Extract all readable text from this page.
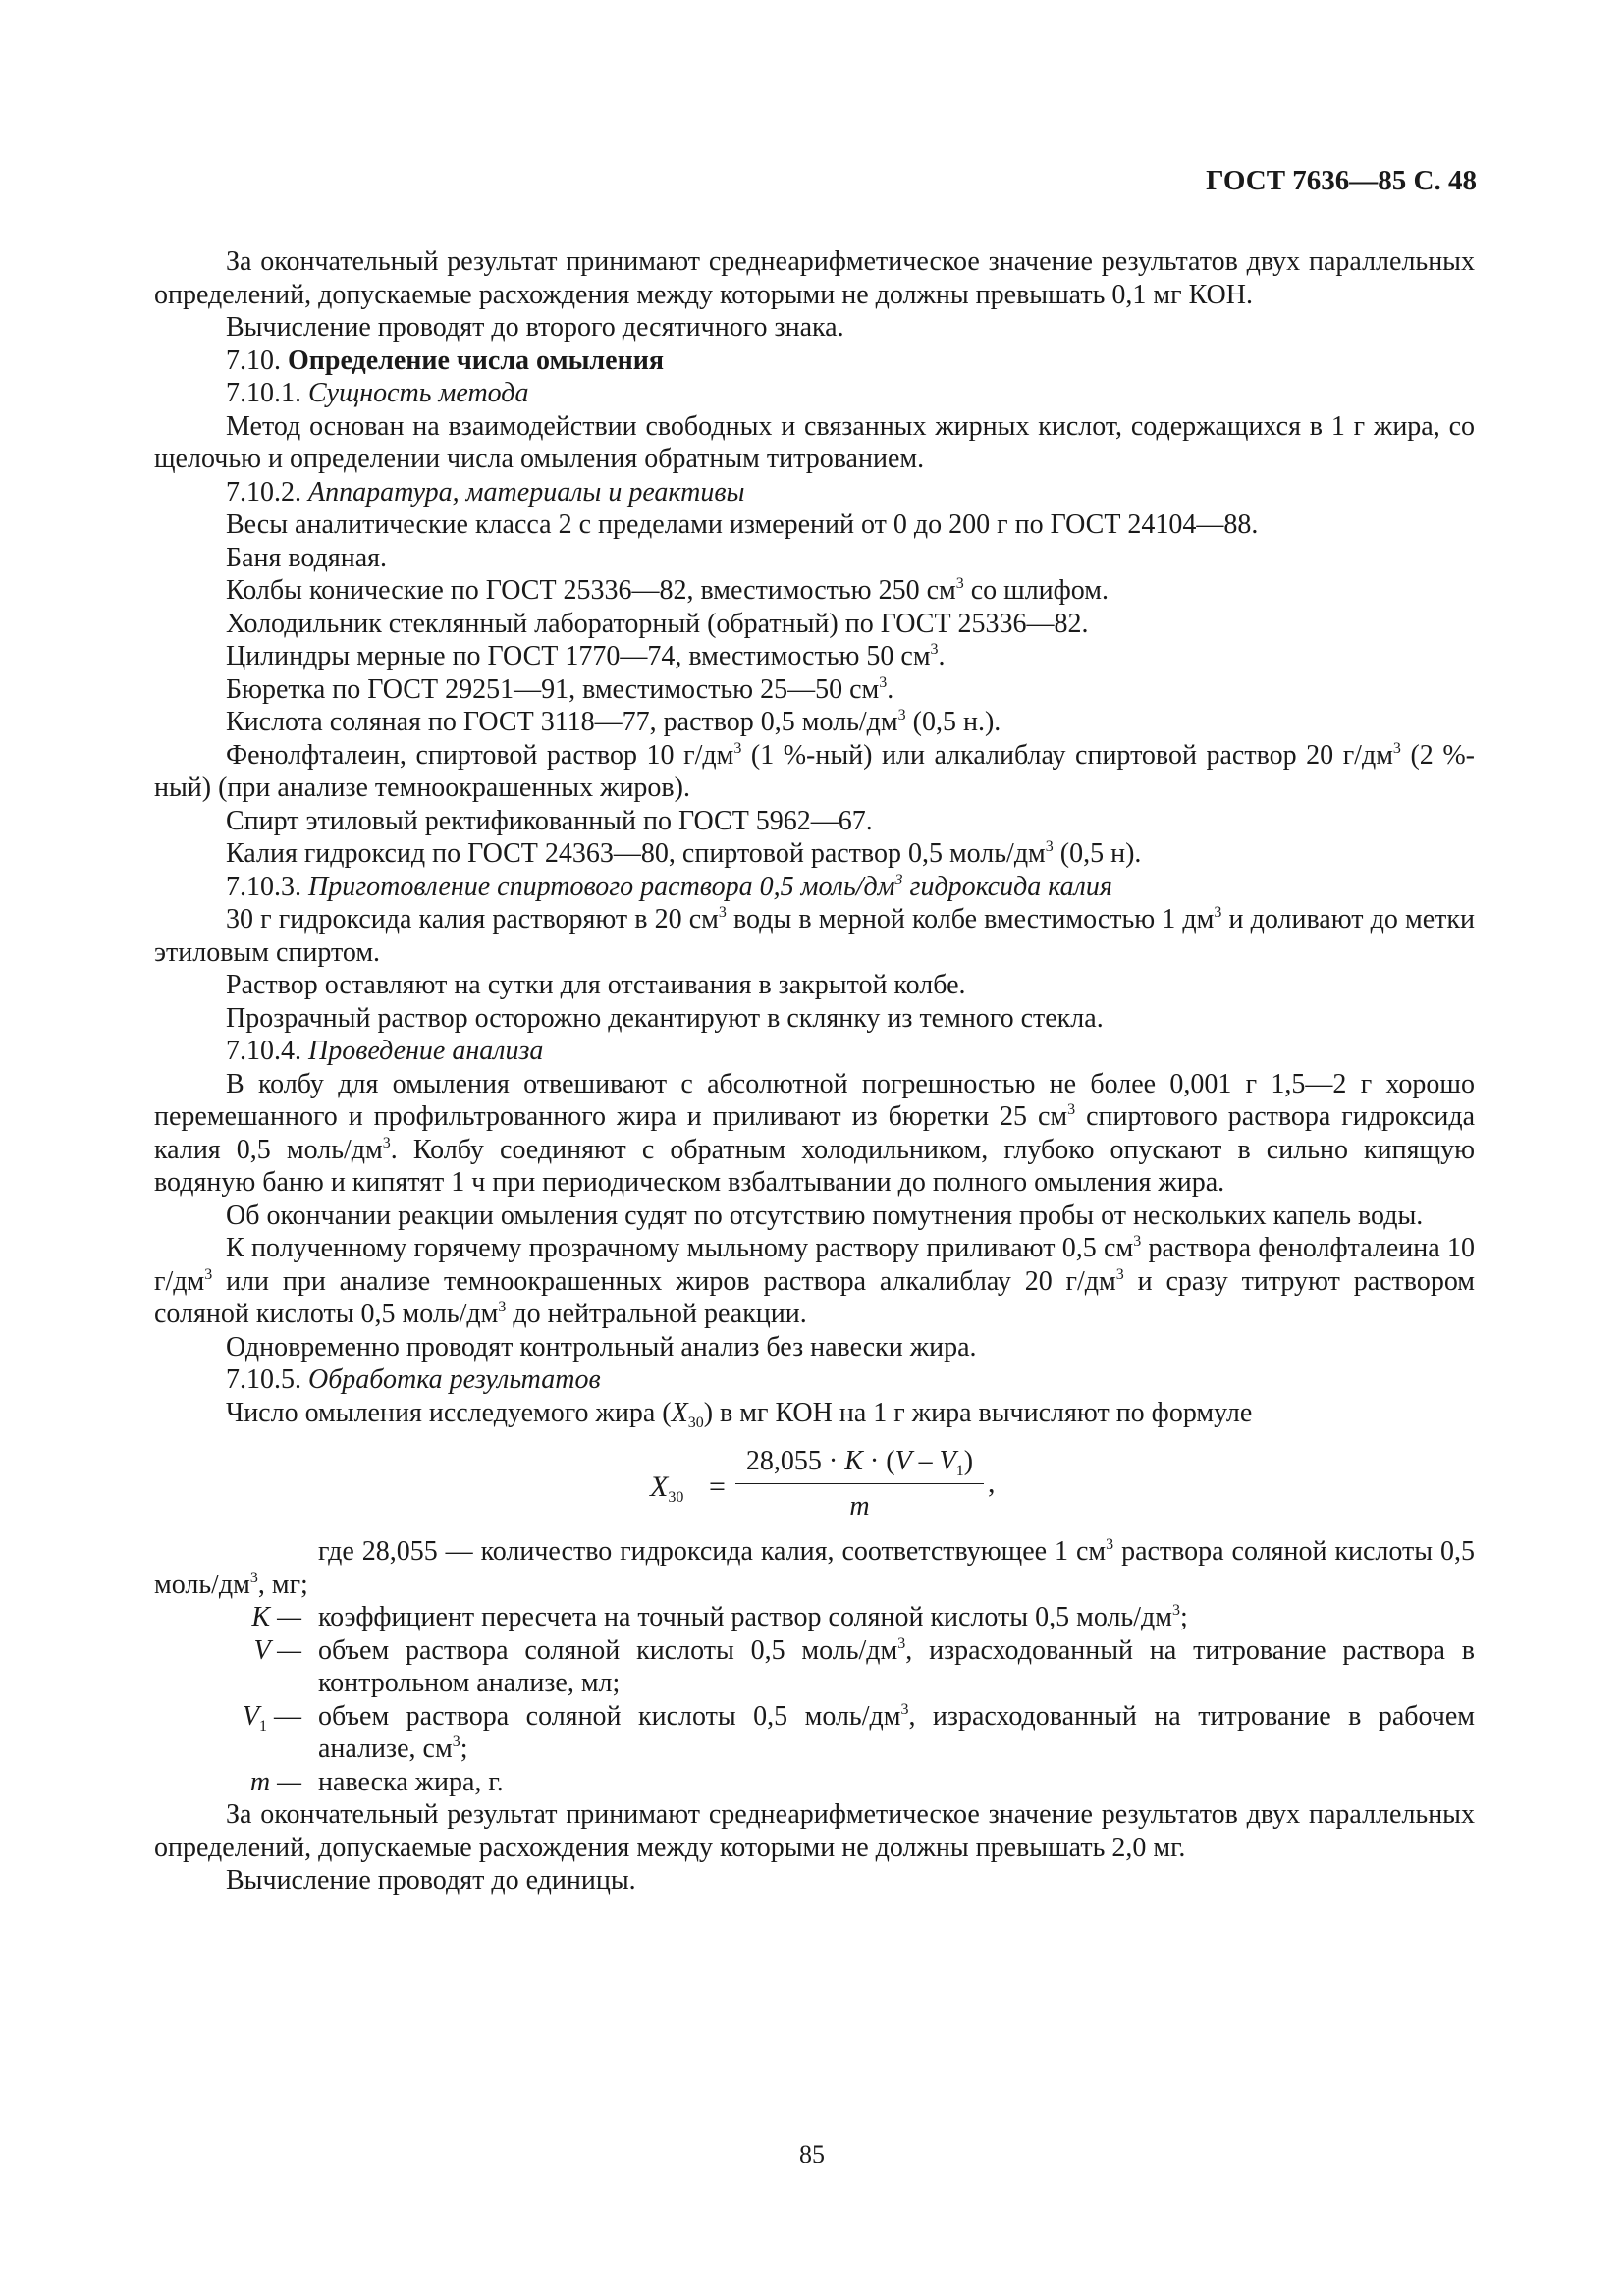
ГОСТ 7636—85 С. 48

За окончательный результат принимают среднеарифметическое значение результатов двух параллельных определений, допускаемые расхождения между которыми не должны превышать 0,1 мг КОН.

Вычисление проводят до второго десятичного знака.

7.10. Определение числа омыления

7.10.1. Сущность метода

Метод основан на взаимодействии свободных и связанных жирных кислот, содержащихся в 1 г жира, со щелочью и определении числа омыления обратным титрованием.

7.10.2. Аппаратура, материалы и реактивы

Весы аналитические класса 2 с пределами измерений от 0 до 200 г по ГОСТ 24104—88.

Баня водяная.

Колбы конические по ГОСТ 25336—82, вместимостью 250 $см^3$ со шлифом.

Холодильник стеклянный лабораторный (обратный) по ГОСТ 25336—82.

Цилиндры мерные по ГОСТ 1770—74, вместимостью 50 $см^3$.

Бюретка по ГОСТ 29251—91, вместимостью 25—50 $см^3$.

Кислота соляная по ГОСТ 3118—77, раствор 0,5 моль/$дм^3$ (0,5 н.).

Фенолфталеин, спиртовой раствор 10 $г/дм^3$ (1 %-ный) или алкалиблау спиртовой раствор 20 $г/дм^3$ (2 %-ный) (при анализе темноокрашенных жиров).

Спирт этиловый ректификованный по ГОСТ 5962—67.

Калия гидроксид по ГОСТ 24363—80, спиртовой раствор 0,5 моль/$дм^3$ (0,5 н).

7.10.3. Приготовление спиртового раствора 0,5 моль/$дм^3$ гидроксида калия

30 г гидроксида калия растворяют в 20 $см^3$ воды в мерной колбе вместимостью 1 $дм^3$ и доливают до метки этиловым спиртом.

Раствор оставляют на сутки для отстаивания в закрытой колбе.

Прозрачный раствор осторожно декантируют в склянку из темного стекла.

7.10.4. Проведение анализа

В колбу для омыления отвешивают с абсолютной погрешностью не более 0,001 г 1,5—2 г хорошо перемешанного и профильтрованного жира и приливают из бюретки 25 $см^3$ спиртового раствора гидроксида калия 0,5 моль/$дм^3$. Колбу соединяют с обратным холодильником, глубоко опускают в сильно кипящую водяную баню и кипятят 1 ч при периодическом взбалтывании до полного омыления жира.

Об окончании реакции омыления судят по отсутствию помутнения пробы от нескольких капель воды.

К полученному горячему прозрачному мыльному раствору приливают 0,5 $см^3$ раствора фенолфталеина 10 $г/дм^3$ или при анализе темноокрашенных жиров раствора алкалиблау 20 $г/дм^3$ и сразу титруют раствором соляной кислоты 0,5 моль/$дм^3$ до нейтральной реакции.

Одновременно проводят контрольный анализ без навески жира.

7.10.5. Обработка результатов

Число омыления исследуемого жира $(X_{30})$ в мг КОН на 1 г жира вычисляют по формуле

$X_{30}$ =
$28,055 \cdot K \cdot (V - V_1)$
m
,

где 28,055 — количество гидроксида калия, соответствующее 1 $см^3$ раствора соляной кислоты 0,5 моль/$дм^3$, мг;

K — коэффициент пересчета на точный раствор соляной кислоты 0,5 моль/$дм^3$;

V — объем раствора соляной кислоты 0,5 моль/$дм^3$, израсходованный на титрование раствора в контрольном анализе, мл;

$V_1$ — объем раствора соляной кислоты 0,5 моль/$дм^3$, израсходованный на титрование в рабочем анализе, $см^3$;

m — навеска жира, г.

За окончательный результат принимают среднеарифметическое значение результатов двух параллельных определений, допускаемые расхождения между которыми не должны превышать 2,0 мг.

Вычисление проводят до единицы.

85
